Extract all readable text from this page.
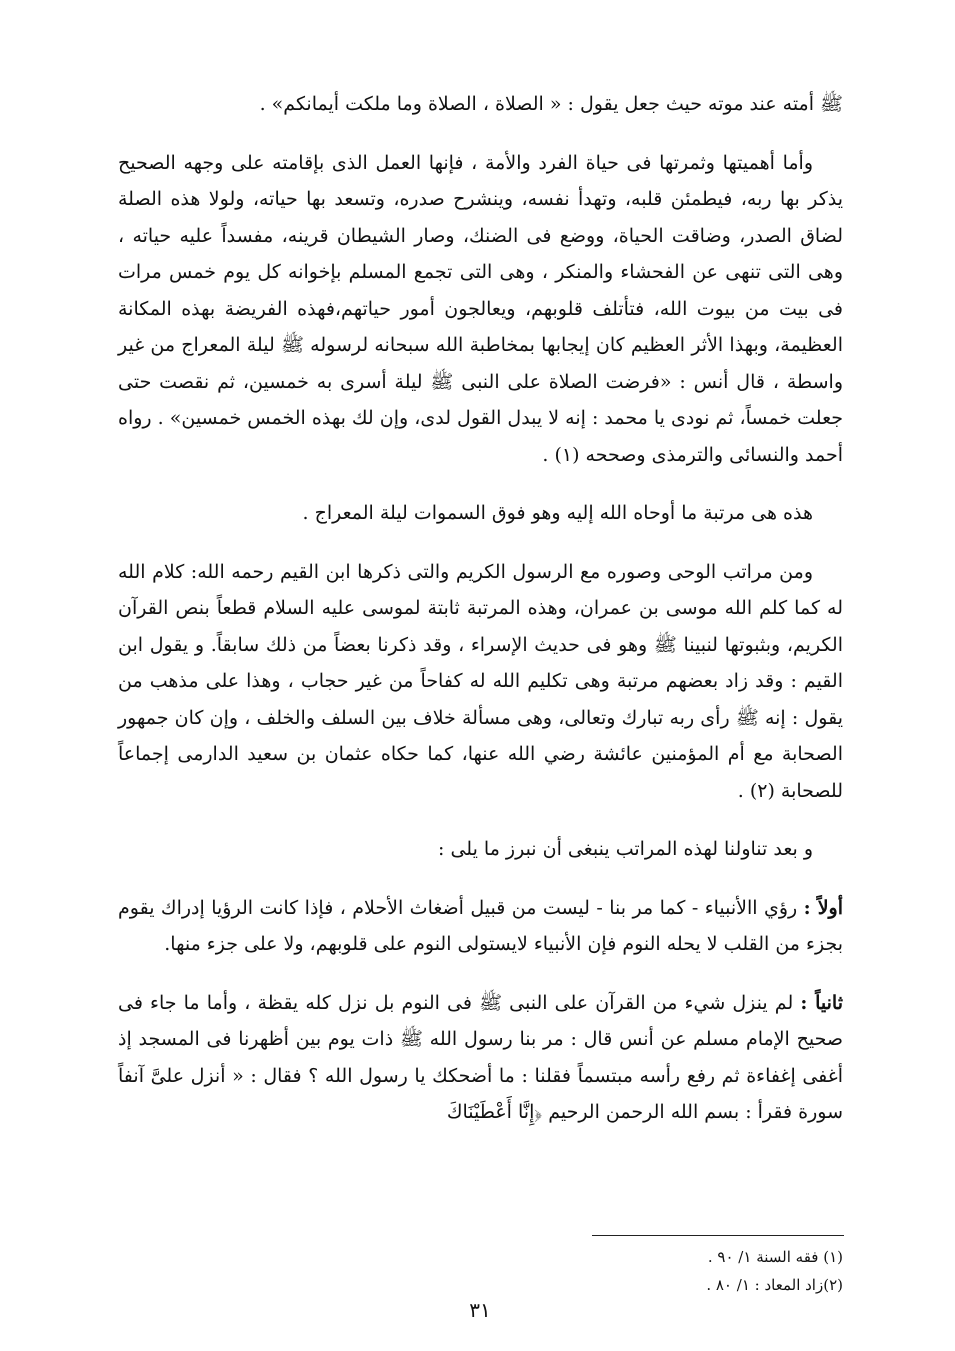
ﷺ أمته عند موته حيث جعل يقول : « الصلاة ، الصلاة وما ملكت أيمانكم» .

وأما أهميتها وثمرتها فى حياة الفرد والأمة ، فإنها العمل الذى بإقامته على وجهه الصحيح يذكر بها ربه، فيطمئن قلبه، وتهدأ نفسه، وينشرح صدره، وتسعد بها حياته، ولولا هذه الصلة لضاق الصدر، وضاقت الحياة، ووضع فى الضنك، وصار الشيطان قرينه، مفسداً عليه حياته ، وهى التى تنهى عن الفحشاء والمنكر ، وهى التى تجمع المسلم بإخوانه كل يوم خمس مرات فى بيت من بيوت الله، فتأتلف قلوبهم، ويعالجون أمور حياتهم،فهذه الفريضة بهذه المكانة العظيمة، وبهذا الأثر العظيم كان إيجابها بمخاطبة الله سبحانه لرسوله ﷺ ليلة المعراج من غير واسطة ، قال أنس : «فرضت الصلاة على النبى ﷺ ليلة أسرى به خمسين، ثم نقصت حتى جعلت خمساً، ثم نودى يا محمد : إنه لا يبدل القول لدى، وإن لك بهذه الخمس خمسين» . رواه أحمد والنسائى والترمذى وصححه (١) .

هذه هى مرتبة ما أوحاه الله إليه وهو فوق السموات ليلة المعراج .

ومن مراتب الوحى وصوره مع الرسول الكريم والتى ذكرها ابن القيم رحمه الله: كلام الله له كما كلم الله موسى بن عمران، وهذه المرتبة ثابتة لموسى عليه السلام قطعاً بنص القرآن الكريم، وبثبوتها لنبينا ﷺ وهو فى حديث الإسراء ، وقد ذكرنا بعضاً من ذلك سابقاً. و يقول ابن القيم : وقد زاد بعضهم مرتبة وهى تكليم الله له كفاحاً من غير حجاب ، وهذا على مذهب من يقول : إنه ﷺ رأى ربه تبارك وتعالى، وهى مسألة خلاف بين السلف والخلف ، وإن كان جمهور الصحابة مع أم المؤمنين عائشة رضي الله عنها، كما حكاه عثمان بن سعيد الدارمى إجماعاً للصحابة (٢) .

و بعد تناولنا لهذه المراتب ينبغى أن نبرز ما يلى :

أولاً : رؤي االأنبياء - كما مر بنا - ليست من قبيل أضغاث الأحلام ، فإذا كانت الرؤيا إدراك يقوم بجزء من القلب لا يحله النوم فإن الأنبياء لايستولى النوم على قلوبهم، ولا على جزء منها.

ثانياً : لم ينزل شيء من القرآن على النبى ﷺ فى النوم بل نزل كله يقظة ، وأما ما جاء فى صحيح الإمام مسلم عن أنس قال : مر بنا رسول الله ﷺ ذات يوم بين أظهرنا فى المسجد إذ أغفى إغفاءة ثم رفع رأسه مبتسماً فقلنا : ما أضحكك يا رسول الله ؟ فقال : « أنزل علىَّ آنفاً سورة فقرأ : بسم الله الرحمن الرحيم ﴿إِنَّا أَعْطَيْنَاكَ

(١) فقه السنة ١/ ٩٠ .
(٢)زاد المعاد : ١/ ٨٠ .
٣١
